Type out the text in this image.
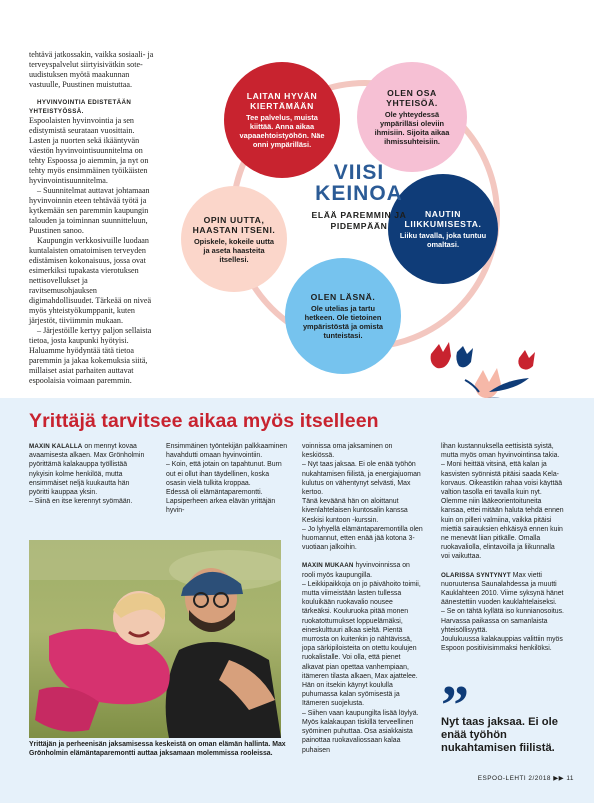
tehtävä jatkossakin, vaikka sosiaali- ja terveyspalvelut siirtyisivätkin sote-uudistuksen myötä maakunnan vastuulle, Puustinen muistuttaa.

HYVINVOINTIA EDISTETÄÄN YHTEISTYÖSSÄ.

Espoolaisten hyvinvointia ja sen edistymistä seurataan vuosittain. Lasten ja nuorten sekä ikääntyvän väestön hyvinvointisuunnitelma on tehty Espoossa jo aiemmin, ja nyt on tehty myös ensimmäinen työikäisten hyvinvointisuunnitelma.

– Suunnitelmat auttavat johtamaan hyvinvoinnin eteen tehtävää työtä ja kytkemään sen paremmin kaupungin talouden ja toiminnan suunnitteluun, Puustinen sanoo.

Kaupungin verkkosivuille luodaan kuntalaisten omatoimisen terveyden edistämisen kokonaisuus, jossa ovat esimerkiksi tupakasta vierotuksen nettisovellukset ja ravitsemusohjauksen digimahdollisuudet. Tärkeää on niveä myös yhteistyökumppanit, kuten järjestöt, tiiviimmin mukaan.

– Järjestöille kertyy paljon sellaista tietoa, josta kaupunki hyötyisi. Haluamme hyödyntää tätä tietoa paremmin ja jakaa kokemuksia siitä, millaiset asiat parhaiten auttavat espoolaisia voimaan paremmin.

LAITAN HYVÄN KIERTÄMÄÄN
Tee palvelus, muista kiittää. Anna aikaa vapaaehtoistyöhön. Näe onni ympärilläsi.
OLEN OSA YHTEISÖÄ.
Ole yhteydessä ympärilläsi oleviin ihmisiin. Sijoita aikaa ihmissuhteisiin.
NAUTIN LIIKKUMISESTA.
Liiku tavalla, joka tuntuu omaltasi.
OLEN LÄSNÄ.
Ole utelias ja tartu hetkeen. Ole tietoinen ympäristöstä ja omista tunteistasi.
OPIN UUTTA, HAASTAN ITSENI.
Opiskele, kokeile uutta ja aseta haasteita itsellesi.
VIISI
KEINOA
ELÄÄ PAREMMIN JA PIDEMPÄÄN
Yrittäjä tarvitsee aikaa myös itselleen

MAXIN KALALLA on mennyt kovaa avaamisesta alkaen. Max Grönholmin pyörittämä kalakauppa työllistää nykyisin kolme henkilöä, mutta ensimmäiset neljä kuukautta hän pyöritti kauppaa yksin.

– Siinä en itse kerennyt syömään.

Ensimmäinen työntekijän palkkaaminen havahdutti omaan hyvinvointiin.

– Koin, että jotain on tapahtunut. Burn out ei ollut ihan täydellinen, koska osasin vielä tulkita kroppaa.

Edessä oli elämäntaparemontti. Lapsiperheen arkea elävän yrittäjän hyvin-

voinnissa oma jaksaminen on keskiössä.

– Nyt taas jaksaa. Ei ole enää työhön nukahtamisen fiilistä, ja energiajuoman kulutus on vähentynyt selvästi, Max kertoo.

Tänä keväänä hän on aloittanut kivenlahtelaisen kuntosalin kanssa Keskisi kuntoon -kurssin.

– Jo lyhyellä elämäntaparemontilla olen huomannut, etten enää jää kotona 3-vuotiaan jalkoihin.

MAXIN MUKAAN hyvinvoinnissa on rooli myös kaupungilla.

– Leikkipaikkoja on jo päivähoito toimii, mutta viimeistään lasten tullessa kouluikään ruokavalio nousee tärkeäksi. Kouluruoka pitää monen ruokatottumukset loppuelämäksi, eineskulttuuri alkaa sieltä. Pientä murrosta on kuitenkin jo nähtävissä, jopa särkipiloisteita on otettu koulujen ruokalistalle. Voi olla, että pienet alkavat pian opettaa vanhempiaan, itämeren tilasta alkaen, Max ajattelee.

Hän on itsekin käynyt koululla puhumassa kalan syömisestä ja Itämeren suojelusta.

– Siihen vaan kaupungilta lisää löylyä.

Myös kalakaupan tiskillä terveellinen syöminen puhuttaa. Osa asiakkaista painottaa ruokavaliossaan kalaa puhaisen

lihan kustannuksella eettisistä syistä, mutta myös oman hyvinvointinsa takia.

– Moni heittää vitsinä, että kalan ja kasvisten syönnistä pitäisi saada Kela-korvaus. Oikeastikin rahaa voisi käyttää valtion tasolla eri tavalla kuin nyt. Olemme niin lääkeorientoituneita kansaa, ettei mitään haluta tehdä ennen kuin on pilleri valmiina, vaikka pitäisi miettiä sairauksien ehkäisyä ennen kuin ne menevät liian pitkälle. Omalla ruokavaliolla, elintavoilla ja liikunnalla voi vaikuttaa.

OLARISSA SYNTYNYT Max vietti nuoruutensa Saunalahdessa ja muutti Kauklahteen 2010. Viime syksynä hänet äänestettiin vuoden kauklahtelaiseksi.

– Se on tähtä kyllätä iso kunnianosoitus. Harvassa paikassa on samanlaista yhteisöllisyyttä.

Joulukuussa kalakauppias valittiin myös Espoon positiivisimmaksi henkilöksi.

Yrittäjän ja perheenisän jaksamisessa keskeistä on oman elämän hallinta. Max Grönholmin elämäntaparemontti auttaa jaksamaan molemmissa rooleissa.
”
Nyt taas jaksaa. Ei ole enää työhön nukahtamisen fiilistä.
ESPOO-LEHTI 2/2018 ▶▶ 11
